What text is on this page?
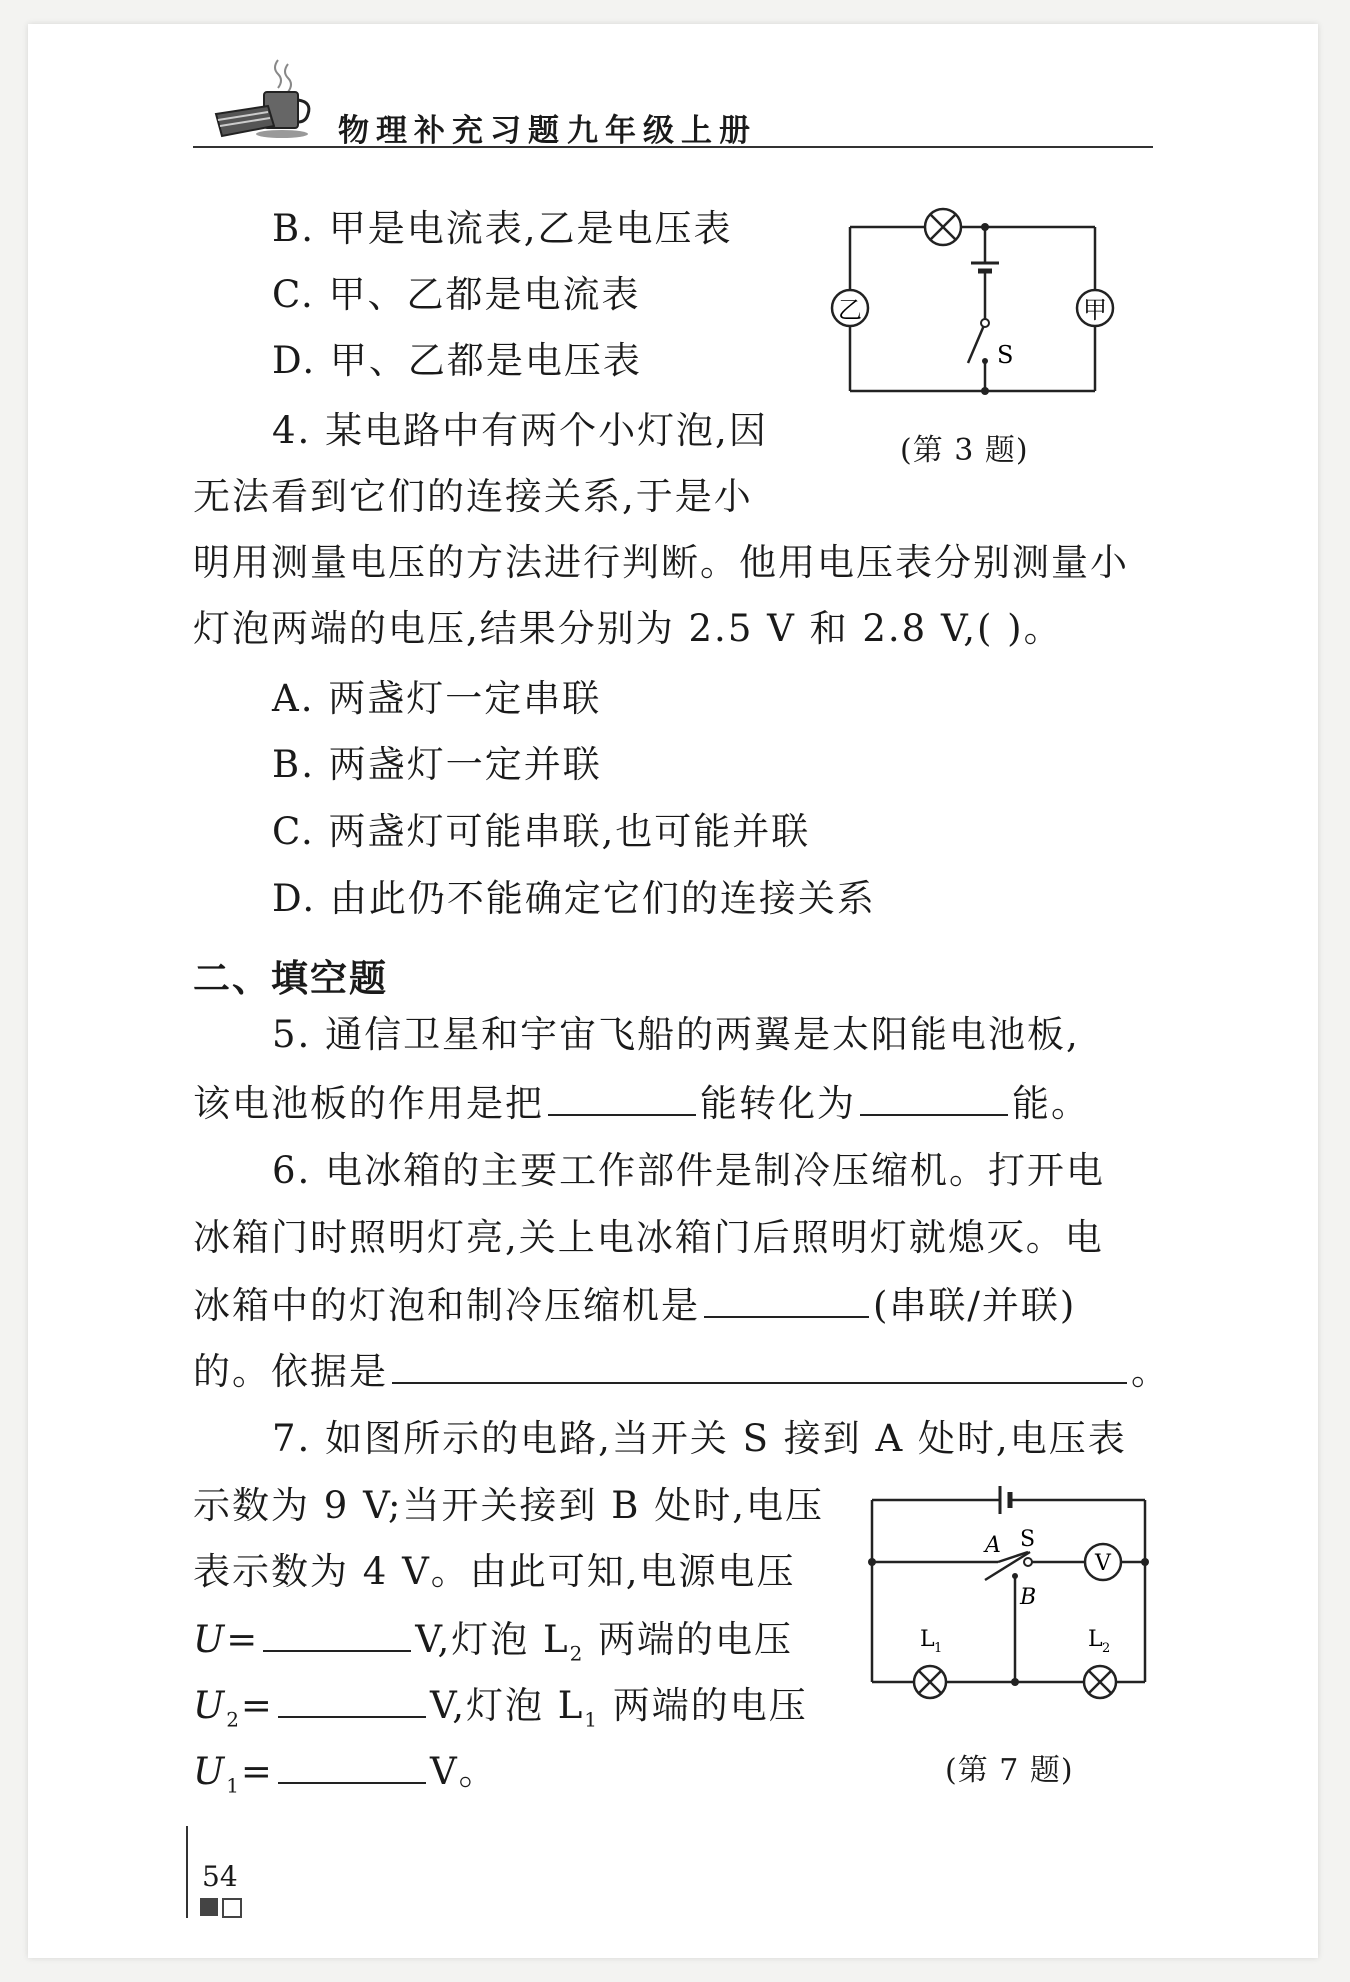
物理补充习题 九年级上册
B. 甲是电流表,乙是电压表
C. 甲、乙都是电流表
D. 甲、乙都是电压表
乙	甲
S
(第 3 题)
4. 某电路中有两个小灯泡,因
无法看到它们的连接关系,于是小
明用测量电压的方法进行判断。他用电压表分别测量小
灯泡两端的电压,结果分别为 2.5 V 和 2.8 V,( )。
A. 两盏灯一定串联
B. 两盏灯一定并联
C. 两盏灯可能串联,也可能并联
D. 由此仍不能确定它们的连接关系
二、填空题
5. 通信卫星和宇宙飞船的两翼是太阳能电池板,
该电池板的作用是把	能转化为	能。
6. 电冰箱的主要工作部件是制冷压缩机。打开电
冰箱门时照明灯亮,关上电冰箱门后照明灯就熄灭。电
冰箱中的灯泡和制冷压缩机是	(串联/并联)
的。依据是	。
7. 如图所示的电路,当开关 S 接到 A 处时,电压表
示数为 9 V;当开关接到 B 处时,电压
表示数为 4 V。由此可知,电源电压
U=	V,灯泡 $L_2$ 两端的电压
$U_2=$	V,灯泡 $L_1$ 两端的电压
$U_1=$	V。
A S
B
V
L 1	L 2
(第 7 题)
54
